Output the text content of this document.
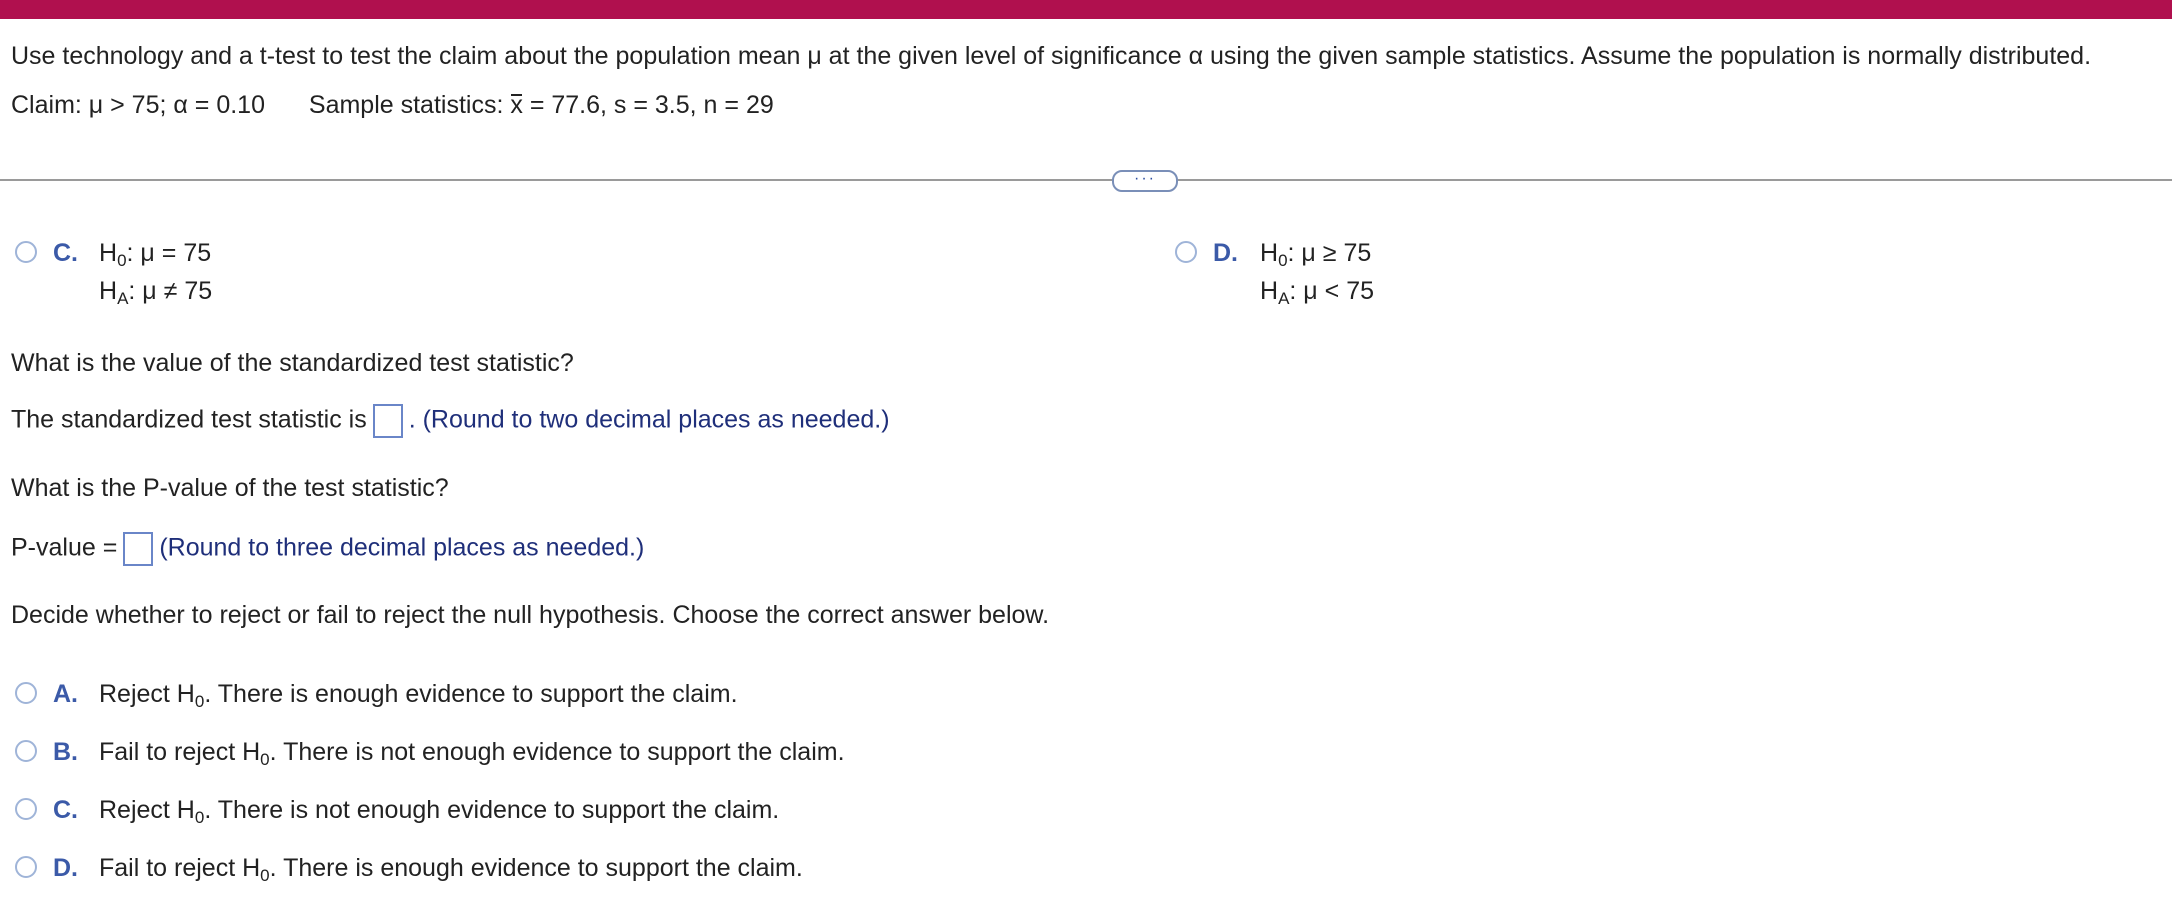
Use technology and a t-test to test the claim about the population mean μ at the given level of significance α using the given sample statistics. Assume the population is normally distributed.
Claim: μ > 75; α = 0.10 Sample statistics: x = 77.6, s = 3.5, n = 29
···
C. $H_0$: μ = 75
$H_A$: μ ≠ 75
D. $H_0$: μ ≥ 75
$H_A$: μ < 75
What is the value of the standardized test statistic?
The standardized test statistic is . (Round to two decimal places as needed.)
What is the P-value of the test statistic?
P-value = (Round to three decimal places as needed.)
Decide whether to reject or fail to reject the null hypothesis. Choose the correct answer below.
A. Reject $H_0$. There is enough evidence to support the claim.
B. Fail to reject $H_0$. There is not enough evidence to support the claim.
C. Reject $H_0$. There is not enough evidence to support the claim.
D. Fail to reject $H_0$. There is enough evidence to support the claim.
